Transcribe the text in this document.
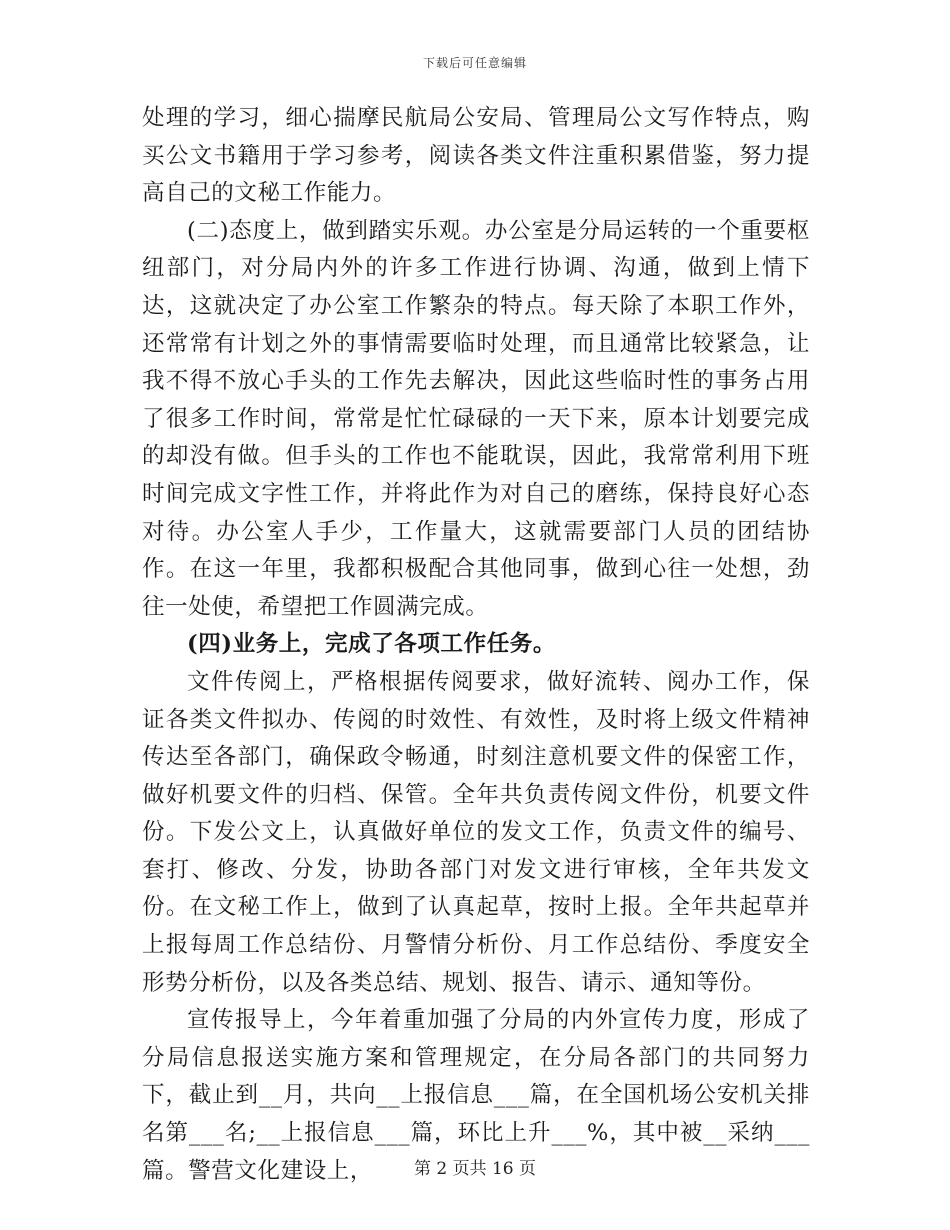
下载后可任意编辑

处理的学习，细心揣摩民航局公安局、管理局公文写作特点，购买公文书籍用于学习参考，阅读各类文件注重积累借鉴，努力提高自己的文秘工作能力。

(二)态度上，做到踏实乐观。办公室是分局运转的一个重要枢纽部门，对分局内外的许多工作进行协调、沟通，做到上情下达，这就决定了办公室工作繁杂的特点。每天除了本职工作外，还常常有计划之外的事情需要临时处理，而且通常比较紧急，让我不得不放心手头的工作先去解决，因此这些临时性的事务占用了很多工作时间，常常是忙忙碌碌的一天下来，原本计划要完成的却没有做。但手头的工作也不能耽误，因此，我常常利用下班时间完成文字性工作，并将此作为对自己的磨练，保持良好心态对待。办公室人手少，工作量大，这就需要部门人员的团结协作。在这一年里，我都积极配合其他同事，做到心往一处想，劲往一处使，希望把工作圆满完成。

(四)业务上，完成了各项工作任务。

文件传阅上，严格根据传阅要求，做好流转、阅办工作，保证各类文件拟办、传阅的时效性、有效性，及时将上级文件精神传达至各部门，确保政令畅通，时刻注意机要文件的保密工作，做好机要文件的归档、保管。全年共负责传阅文件份，机要文件份。下发公文上，认真做好单位的发文工作，负责文件的编号、套打、修改、分发，协助各部门对发文进行审核，全年共发文份。在文秘工作上，做到了认真起草，按时上报。全年共起草并上报每周工作总结份、月警情分析份、月工作总结份、季度安全形势分析份，以及各类总结、规划、报告、请示、通知等份。

宣传报导上，今年着重加强了分局的内外宣传力度，形成了分局信息报送实施方案和管理规定，在分局各部门的共同努力下，截止到__月，共向__上报信息___篇，在全国机场公安机关排名第___名;__上报信息___篇，环比上升___%，其中被__采纳___篇。警营文化建设上，	第 2 页共 16 页
